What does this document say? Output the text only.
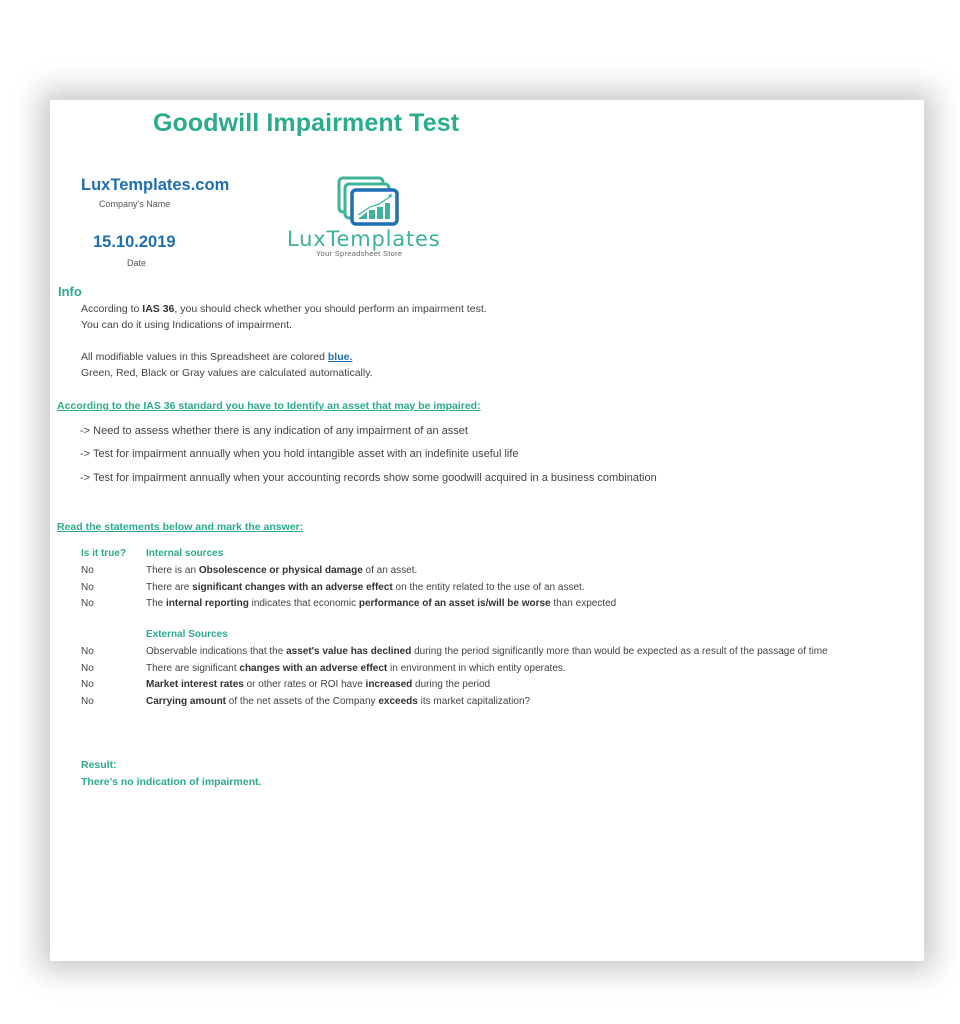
Goodwill Impairment Test
LuxTemplates.com
Company's Name
15.10.2019
Date
LuxTemplates
Your Spreadsheet Store
Info
According to IAS 36, you should check whether you should perform an impairment test.
You can do it using Indications of impairment.
All modifiable values in this Spreadsheet are colored blue.
Green, Red, Black or Gray values are calculated automatically.
According to the IAS 36 standard you have to Identify an asset that may be impaired:
-> Need to assess whether there is any indication of any impairment of an asset
-> Test for impairment annually when you hold intangible asset with an indefinite useful life
-> Test for impairment annually when your accounting records show some goodwill acquired in a business combination
Read the statements below and mark the answer:
Is it true? Internal sources
No	There is an Obsolescence or physical damage of an asset.
No	There are significant changes with an adverse effect on the entity related to the use of an asset.
No	The internal reporting indicates that economic performance of an asset is/will be worse than expected
External Sources
No	Observable indications that the asset's value has declined during the period significantly more than would be expected as a result of the passage of time
No	There are significant changes with an adverse effect in environment in which entity operates.
No	Market interest rates or other rates or ROI have increased during the period
No	Carrying amount of the net assets of the Company exceeds its market capitalization?
Result:
There's no indication of impairment.
